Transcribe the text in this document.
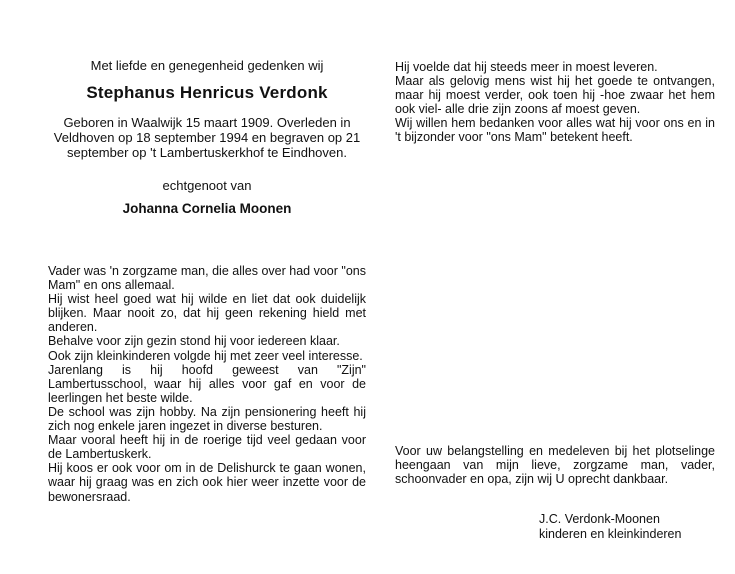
Met liefde en genegenheid gedenken wij
Stephanus Henricus Verdonk
Geboren in Waalwijk 15 maart 1909. Overleden in Veldhoven op 18 september 1994 en begraven op 21 september op 't Lambertuskerkhof te Eindhoven.
echtgenoot van
Johanna Cornelia Moonen

Vader was 'n zorgzame man, die alles over had voor "ons Mam" en ons allemaal.

Hij wist heel goed wat hij wilde en liet dat ook duidelijk blijken. Maar nooit zo, dat hij geen rekening hield met anderen.

Behalve voor zijn gezin stond hij voor iedereen klaar.

Ook zijn kleinkinderen volgde hij met zeer veel interesse.

Jarenlang is hij hoofd geweest van "Zijn" Lambertusschool, waar hij alles voor gaf en voor de leerlingen het beste wilde.

De school was zijn hobby. Na zijn pensionering heeft hij zich nog enkele jaren ingezet in diverse besturen.

Maar vooral heeft hij in de roerige tijd veel gedaan voor de Lambertuskerk.

Hij koos er ook voor om in de Delishurck te gaan wonen, waar hij graag was en zich ook hier weer inzette voor de bewonersraad.

Hij voelde dat hij steeds meer in moest leveren.

Maar als gelovig mens wist hij het goede te ontvangen, maar hij moest verder, ook toen hij -hoe zwaar het hem ook viel- alle drie zijn zoons af moest geven.

Wij willen hem bedanken voor alles wat hij voor ons en in 't bijzonder voor "ons Mam" betekent heeft.

Voor uw belangstelling en medeleven bij het plotselinge heengaan van mijn lieve, zorgzame man, vader, schoonvader en opa, zijn wij U oprecht dankbaar.

J.C. Verdonk-Moonen
kinderen en kleinkinderen
